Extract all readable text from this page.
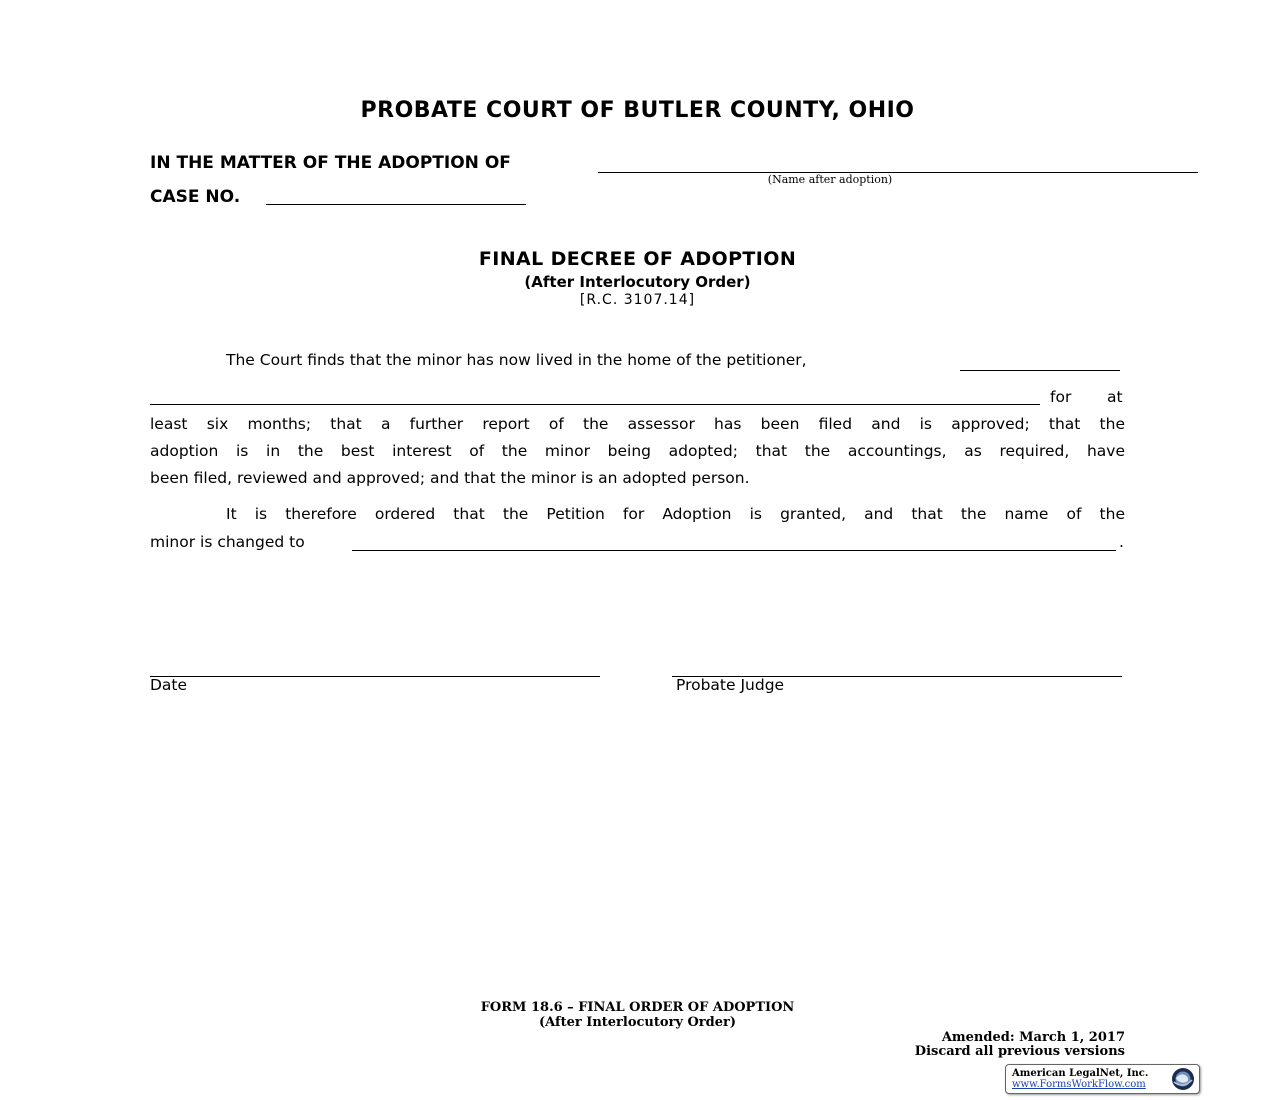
PROBATE COURT OF BUTLER COUNTY, OHIO
IN THE MATTER OF THE ADOPTION OF
(Name after adoption)
CASE NO.
FINAL DECREE OF ADOPTION
(After Interlocutory Order)
[R.C. 3107.14]
The Court finds that the minor has now lived in the home of the petitioner,
for at
least six months; that a further report of the assessor has been filed and is approved; that the
adoption is in the best interest of the minor being adopted; that the accountings, as required, have
been filed, reviewed and approved; and that the minor is an adopted person.
It is therefore ordered that the Petition for Adoption is granted, and that the name of the
minor is changed to	.
Date	Probate Judge
FORM 18.6 – FINAL ORDER OF ADOPTION
(After Interlocutory Order)
Amended: March 1, 2017
Discard all previous versions
American LegalNet, Inc.
www.FormsWorkFlow.com
